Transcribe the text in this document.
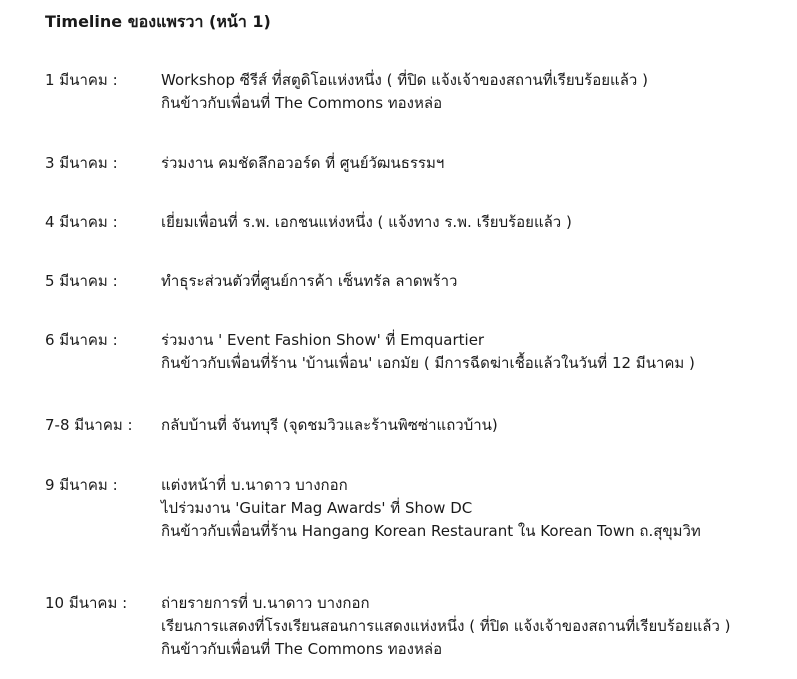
Timeline ของแพรวา (หน้า 1)
1 มีนาคม :	Workshop ซีรีส์ ที่สตูดิโอแห่งหนึ่ง ( ที่ปิด แจ้งเจ้าของสถานที่เรียบร้อยแล้ว )
กินข้าวกับเพื่อนที่ The Commons ทองหล่อ
3 มีนาคม :	ร่วมงาน คมชัดลึกอวอร์ด ที่ ศูนย์วัฒนธรรมฯ
4 มีนาคม :	เยี่ยมเพื่อนที่ ร.พ. เอกชนแห่งหนึ่ง ( แจ้งทาง ร.พ. เรียบร้อยแล้ว )
5 มีนาคม :	ทำธุระส่วนตัวที่ศูนย์การค้า เซ็นทรัล ลาดพร้าว
6 มีนาคม :	ร่วมงาน ' Event Fashion Show' ที่ Emquartier
กินข้าวกับเพื่อนที่ร้าน 'บ้านเพื่อน' เอกมัย ( มีการฉีดฆ่าเชื้อแล้วในวันที่ 12 มีนาคม )
7-8 มีนาคม :	กลับบ้านที่ จันทบุรี (จุดชมวิวและร้านพิซซ่าแถวบ้าน)
9 มีนาคม :	แต่งหน้าที่ บ.นาดาว บางกอก
ไปร่วมงาน 'Guitar Mag Awards' ที่ Show DC
กินข้าวกับเพื่อนที่ร้าน Hangang Korean Restaurant ใน Korean Town ถ.สุขุมวิท
10 มีนาคม :	ถ่ายรายการที่ บ.นาดาว บางกอก
เรียนการแสดงที่โรงเรียนสอนการแสดงแห่งหนึ่ง ( ที่ปิด แจ้งเจ้าของสถานที่เรียบร้อยแล้ว )
กินข้าวกับเพื่อนที่ The Commons ทองหล่อ
